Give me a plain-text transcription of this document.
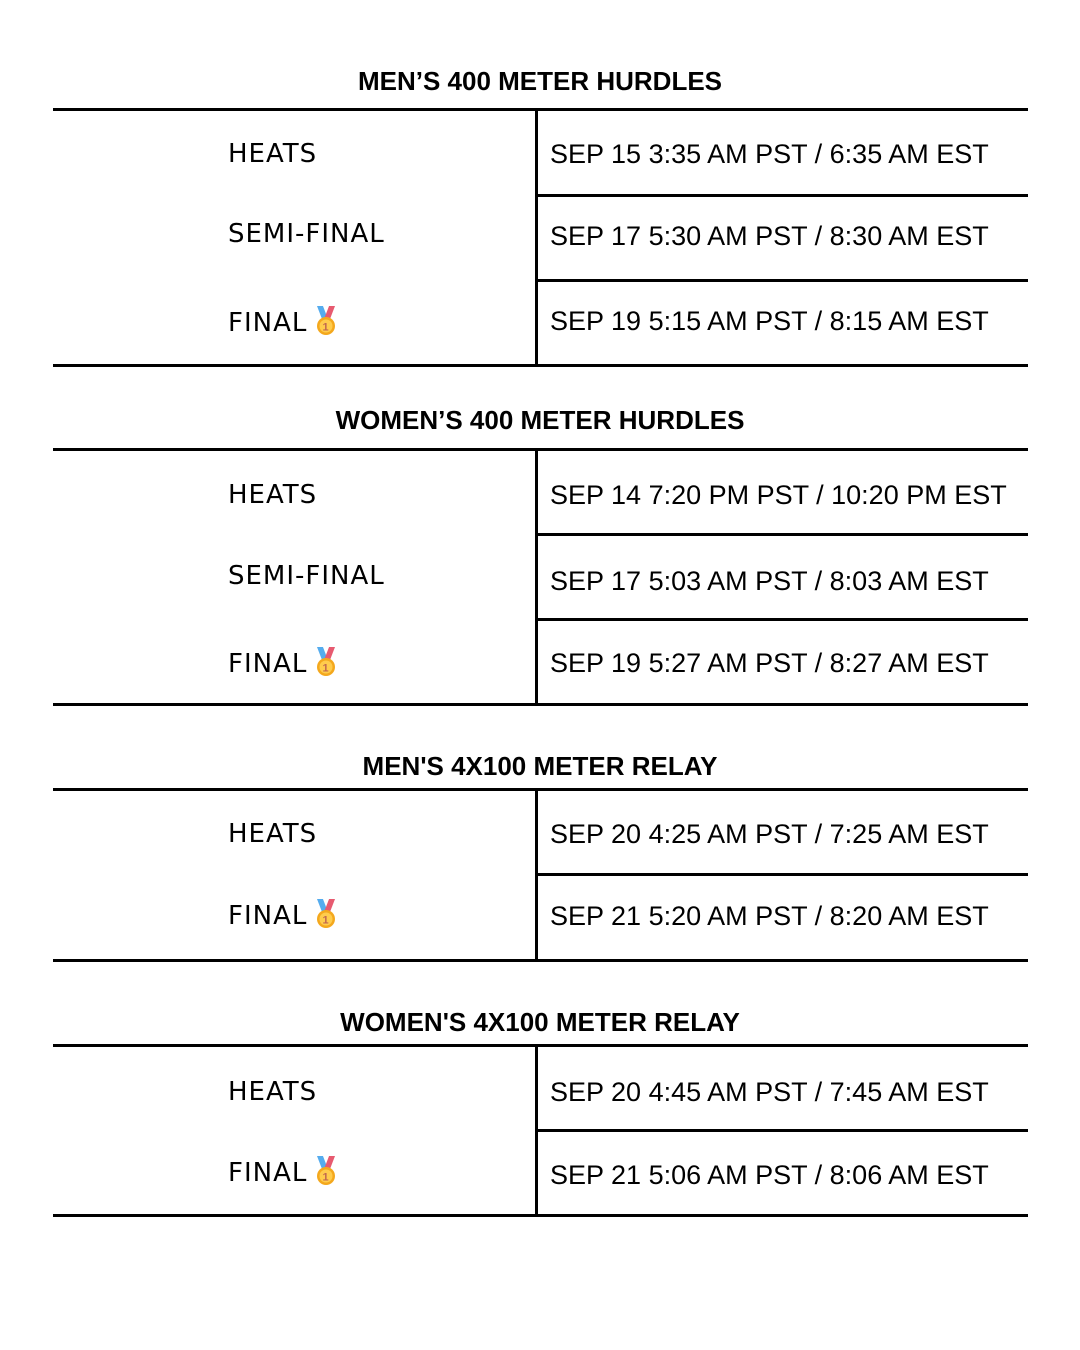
MEN’S 400 METER HURDLES
HEATS	SEP 15 3:35 AM PST / 6:35 AM EST
SEMI-FINAL	SEP 17 5:30 AM PST / 8:30 AM EST
FINAL 1	SEP 19 5:15 AM PST / 8:15 AM EST
WOMEN’S 400 METER HURDLES
HEATS	SEP 14 7:20 PM PST / 10:20 PM EST
SEMI-FINAL	SEP 17 5:03 AM PST / 8:03 AM EST
FINAL 1	SEP 19 5:27 AM PST / 8:27 AM EST
MEN'S 4X100 METER RELAY
HEATS	SEP 20 4:25 AM PST / 7:25 AM EST
FINAL 1	SEP 21 5:20 AM PST / 8:20 AM EST
WOMEN'S 4X100 METER RELAY
HEATS	SEP 20 4:45 AM PST / 7:45 AM EST
FINAL 1	SEP 21 5:06 AM PST / 8:06 AM EST
